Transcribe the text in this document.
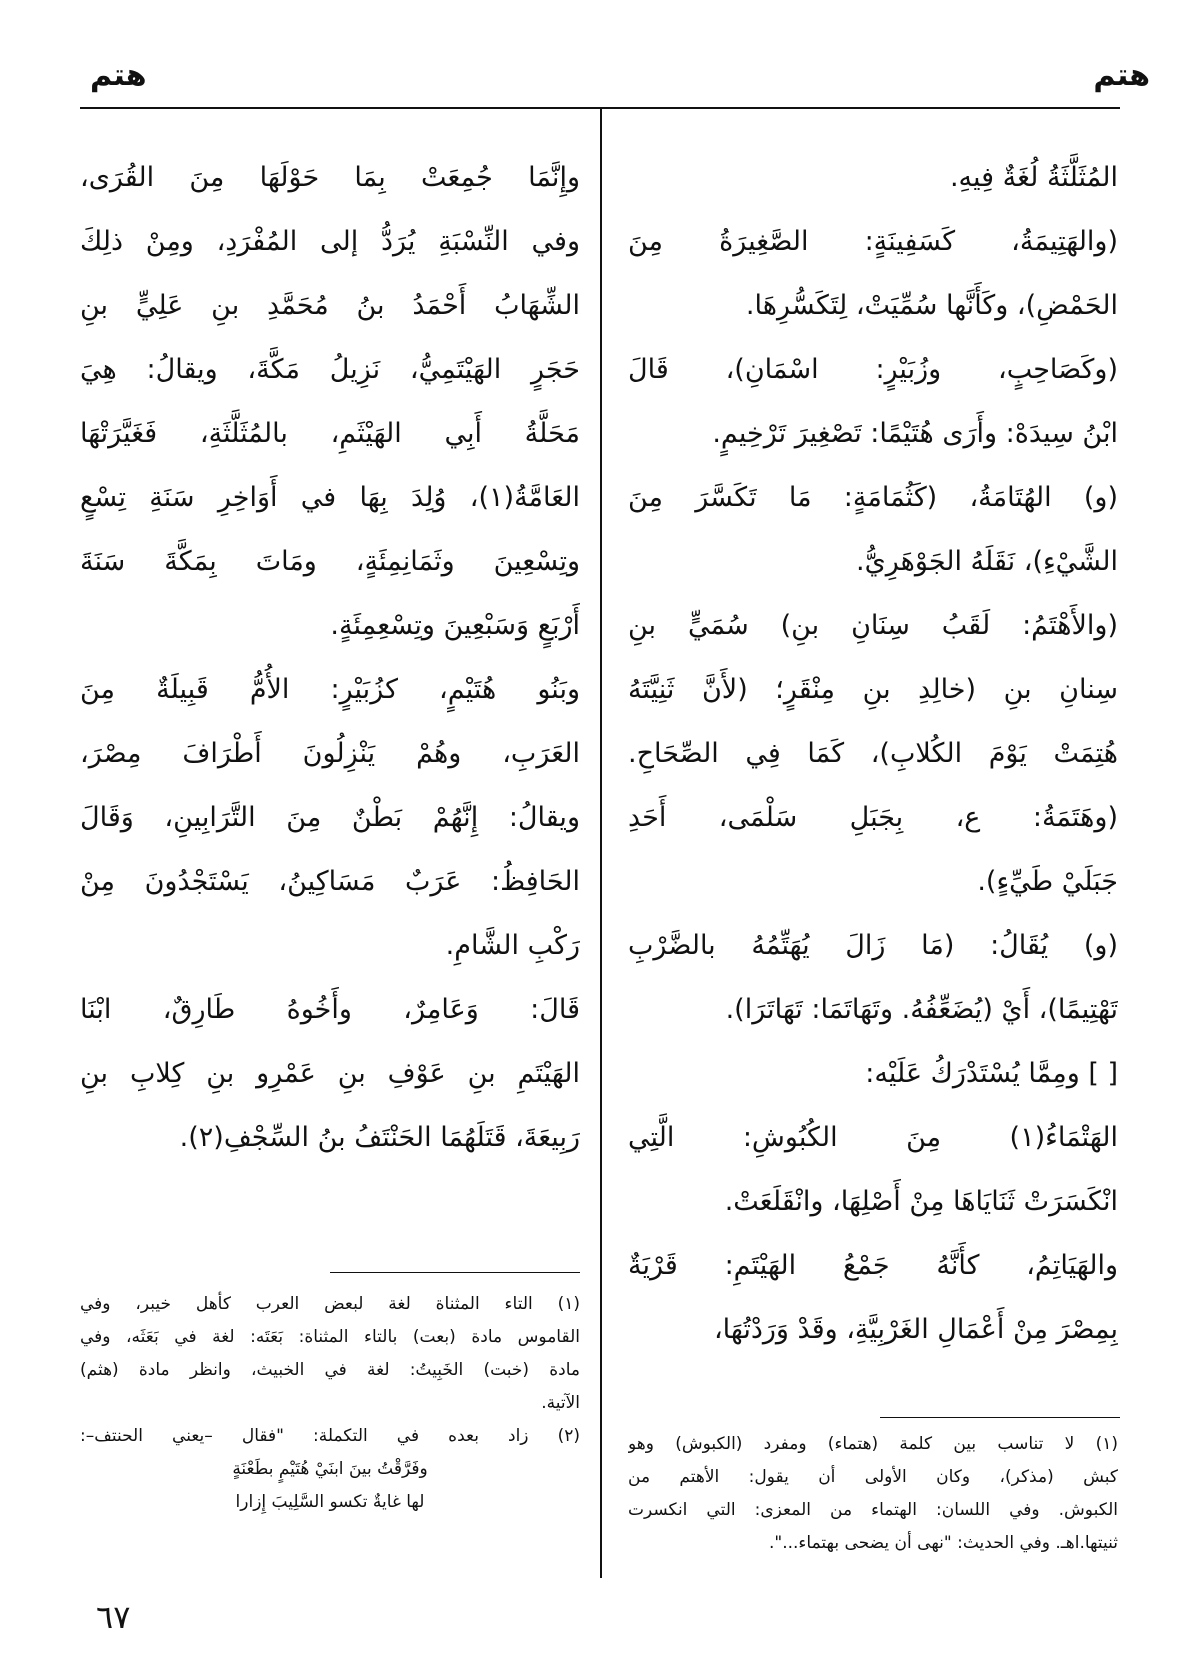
هتم
هتم
المُثَلَّثَةُ لُغَةٌ فِيهِ.
(والهَتِيمَةُ، كَسَفِينَةٍ: الصَّغِيرَةُ مِنَ
الحَمْضِ)، وكَأَنَّها سُمِّيَتْ، لِتَكَسُّرِهَا.
(وكَصَاحِبٍ، وزُبَيْرٍ: اسْمَانِ)، قَالَ
ابْنُ سِيدَهْ: وأَرَى هُتَيْمًا: تَصْغِيرَ تَرْخِيمٍ.
(و) الهُتَامَةُ، (كَثُمَامَةٍ: مَا تَكَسَّرَ مِنَ
الشَّيْءِ)، نَقَلَهُ الجَوْهَرِيُّ.
(والأَهْتَمُ: لَقَبُ سِنَانِ بنِ) سُمَيٍّ بنِ
سِنانِ بنِ (خالِدِ بنِ مِنْقَرٍ؛ (لأَنَّ ثَنِيَّتَهُ
هُتِمَتْ يَوْمَ الكُلابِ)، كَمَا فِي الصِّحَاحِ.
(وهَتَمَةُ: ع، بِجَبَلِ سَلْمَى، أَحَدِ
جَبَلَيْ طَيِّءٍ).
(و) يُقَالُ: (مَا زَالَ يُهَتِّمُهُ بالضَّرْبِ
تَهْتِيمًا)، أَيْ (يُضَعِّفُهُ. وتَهَاتَمَا: تَهَاتَرَا).
[ ] ومِمَّا يُسْتَدْرَكُ عَلَيْه:
الهَتْمَاءُ(١) مِنَ الكُبُوشِ: الَّتِي
انْكَسَرَتْ ثَنَايَاهَا مِنْ أَصْلِهَا، وانْقَلَعَتْ.
والهَيَاتِمُ، كأَنَّهُ جَمْعُ الهَيْتَمِ: قَرْيَةٌ
بِمِصْرَ مِنْ أَعْمَالِ الغَرْبِيَّةِ، وقَدْ وَرَدْتُهَا،
وإِنَّمَا جُمِعَتْ بِمَا حَوْلَهَا مِنَ القُرَى،
وفي النِّسْبَةِ يُرَدُّ إلى المُفْرَدِ، ومِنْ ذلِكَ
الشِّهَابُ أَحْمَدُ بنُ مُحَمَّدِ بنِ عَلِيٍّ بنِ
حَجَرٍ الهَيْتَمِيُّ، نَزِيلُ مَكَّةَ، ويقالُ: هِيَ
مَحَلَّةُ أَبِي الهَيْثَمِ، بالمُثَلَّثَةِ، فَغَيَّرَتْهَا
العَامَّةُ(١)، وُلِدَ بِهَا في أَوَاخِرِ سَنَةِ تِسْعٍ
وتِسْعِينَ وثَمَانِمِئَةٍ، ومَاتَ بِمَكَّةَ سَنَةَ
أَرْبَعٍ وَسَبْعِينَ وتِسْعِمِئَةٍ.
وبَنُو هُتَيْمٍ، كزُبَيْرٍ: الأُمُّ قَبِيلَةٌ مِنَ
العَرَبِ، وهُمْ يَنْزِلُونَ أَطْرَافَ مِصْرَ،
ويقالُ: إِنَّهُمْ بَطْنٌ مِنَ التَّرَابِينِ، وَقَالَ
الحَافِظُ: عَرَبٌ مَسَاكِينُ، يَسْتَجْدُونَ مِنْ
رَكْبِ الشَّامِ.
قَالَ: وَعَامِرٌ، وأَخُوهُ طَارِقٌ، ابْنَا
الهَيْتَمِ بنِ عَوْفِ بنِ عَمْرِو بنِ كِلابِ بنِ
رَبِيعَةَ، قَتَلَهُمَا الحَنْتَفُ بنُ السِّجْفِ(٢).
(١) لا تناسب بين كلمة (هتماء) ومفرد (الكبوش) وهو
كبش (مذكر)، وكان الأولى أن يقول: الأهتم من
الكبوش. وفي اللسان: الهتماء من المعزى: التي انكسرت
ثنيتها.اهـ. وفي الحديث: "نهى أن يضحى بهتماء...".
(١) التاء المثناة لغة لبعض العرب كأهل خيبر، وفي
القاموس مادة (بعت) بالتاء المثناة: بَعَتَه: لغة في بَعَثَه، وفي
مادة (خبت) الخَبِيتُ: لغة في الخبيث، وانظر مادة (هثم)
الآتية.
(٢) زاد بعده في التكملة: "فقال –يعني الحنتف–:
وفَرَّقْتُ بينَ ابنَيْ هُتَيْمٍ بطَعْنَةٍ
لها غايةٌ تكسو السَّلِيبَ إِزارا
٦٧
